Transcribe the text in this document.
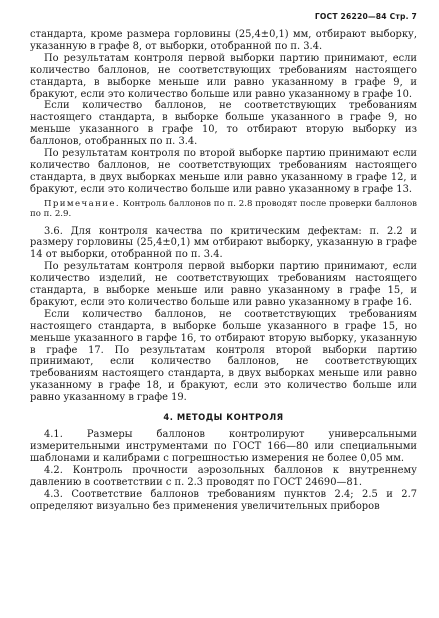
ГОСТ 26220—84 Стр. 7

стандарта, кроме размера горловины (25,4±0,1) мм, отбирают выборку, указанную в графе 8, от выборки, отобранной по п. 3.4.

По результатам контроля первой выборки партию принимают, если количество баллонов, не соответствующих требованиям настоящего стандарта, в выборке меньше или равно указанному в графе 9, и бракуют, если это количество больше или равно указанному в графе 10.

Если количество баллонов, не соответствующих требованиям настоящего стандарта, в выборке больше указанного в графе 9, но меньше указанного в графе 10, то отбирают вторую выборку из баллонов, отобранных по п. 3.4.

По результатам контроля по второй выборке партию принимают если количество баллонов, не соответствующих требованиям настоящего стандарта, в двух выборках меньше или равно указанному в графе 12, и бракуют, если это количество больше или равно указанному в графе 13.

Примечание. Контроль баллонов по п. 2.8 проводят после проверки баллонов по п. 2.9.

3.6. Для контроля качества по критическим дефектам: п. 2.2 и размеру горловины (25,4±0,1) мм отбирают выборку, указанную в графе 14 от выборки, отобранной по п. 3.4.

По результатам контроля первой выборки партию принимают, если количество изделий, не соответствующих требованиям настоящего стандарта, в выборке меньше или равно указанному в графе 15, и бракуют, если это количество больше или равно указанному в графе 16.

Если количество баллонов, не соответствующих требованиям настоящего стандарта, в выборке больше указанного в графе 15, но меньше указанного в гарфе 16, то отбирают вторую выборку, указанную в графе 17. По результатам контроля второй выборки партию принимают, если количество баллонов, не соответствующих требованиям настоящего стандарта, в двух выборках меньше или равно указанному в графе 18, и бракуют, если это количество больше или равно указанному в графе 19.

4. МЕТОДЫ КОНТРОЛЯ

4.1. Размеры баллонов контролируют универсальными измерительными инструментами по ГОСТ 166—80 или специальными шаблонами и калибрами с погрешностью измерения не более 0,05 мм.

4.2. Контроль прочности аэрозольных баллонов к внутреннему давлению в соответствии с п. 2.3 проводят по ГОСТ 24690—81.

4.3. Соответствие баллонов требованиям пунктов 2.4; 2.5 и 2.7 определяют визуально без применения увеличительных приборов
